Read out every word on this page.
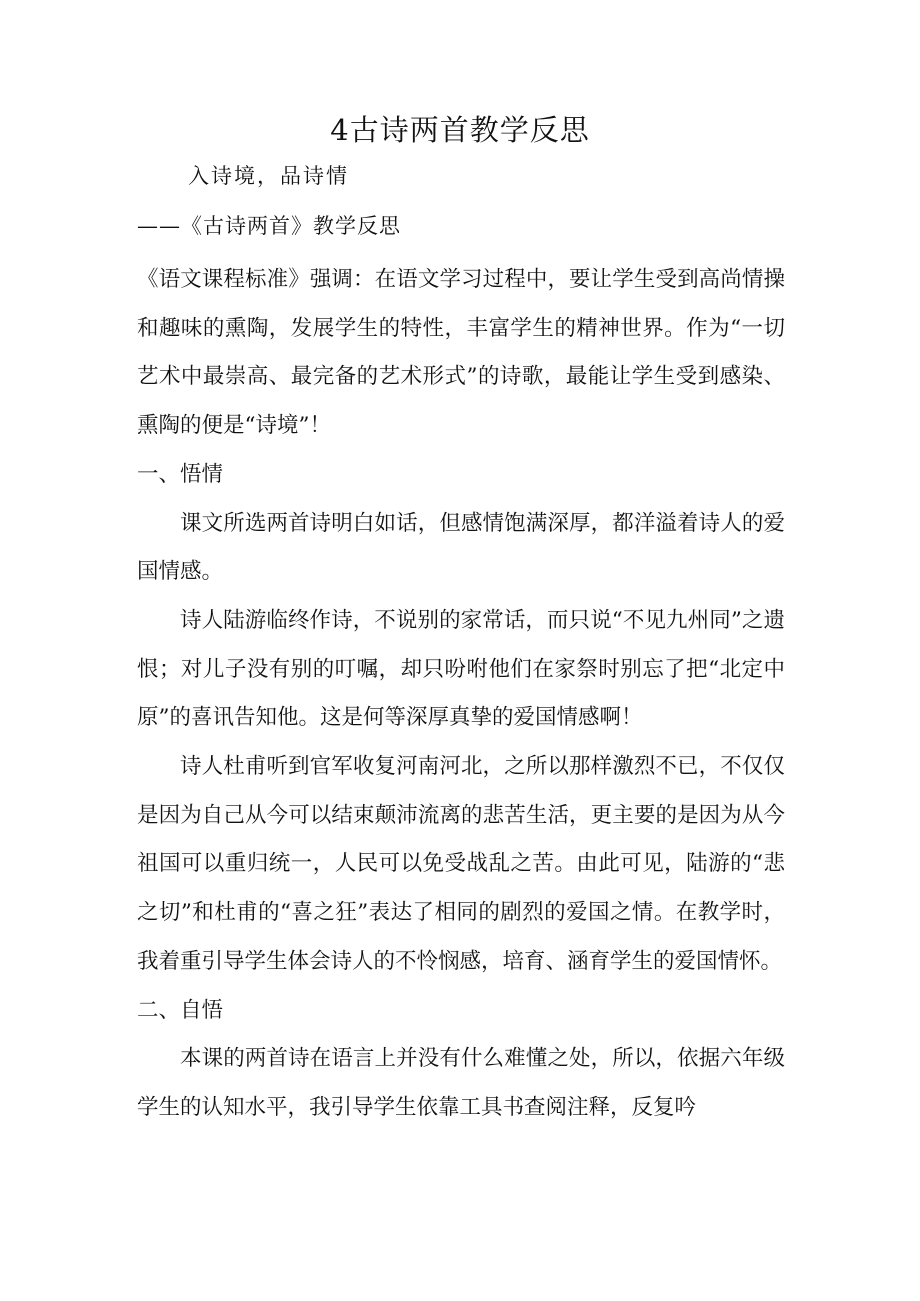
4古诗两首教学反思
入诗境，品诗情
——《古诗两首》教学反思

《语文课程标准》强调：在语文学习过程中，要让学生受到高尚情操和趣味的熏陶，发展学生的特性，丰富学生的精神世界。作为“一切艺术中最崇高、最完备的艺术形式”的诗歌，最能让学生受到感染、熏陶的便是“诗境”！

一、悟情

课文所选两首诗明白如话，但感情饱满深厚，都洋溢着诗人的爱国情感。

诗人陆游临终作诗，不说别的家常话，而只说“不见九州同”之遗恨；对儿子没有别的叮嘱，却只吩咐他们在家祭时别忘了把“北定中原”的喜讯告知他。这是何等深厚真挚的爱国情感啊！

诗人杜甫听到官军收复河南河北，之所以那样激烈不已，不仅仅是因为自己从今可以结束颠沛流离的悲苦生活，更主要的是因为从今祖国可以重归统一，人民可以免受战乱之苦。由此可见，陆游的“悲之切”和杜甫的“喜之狂”表达了相同的剧烈的爱国之情。在教学时，我着重引导学生体会诗人的不怜悯感，培育、涵育学生的爱国情怀。

二、自悟

本课的两首诗在语言上并没有什么难懂之处，所以，依据六年级学生的认知水平，我引导学生依靠工具书查阅注释，反复吟
